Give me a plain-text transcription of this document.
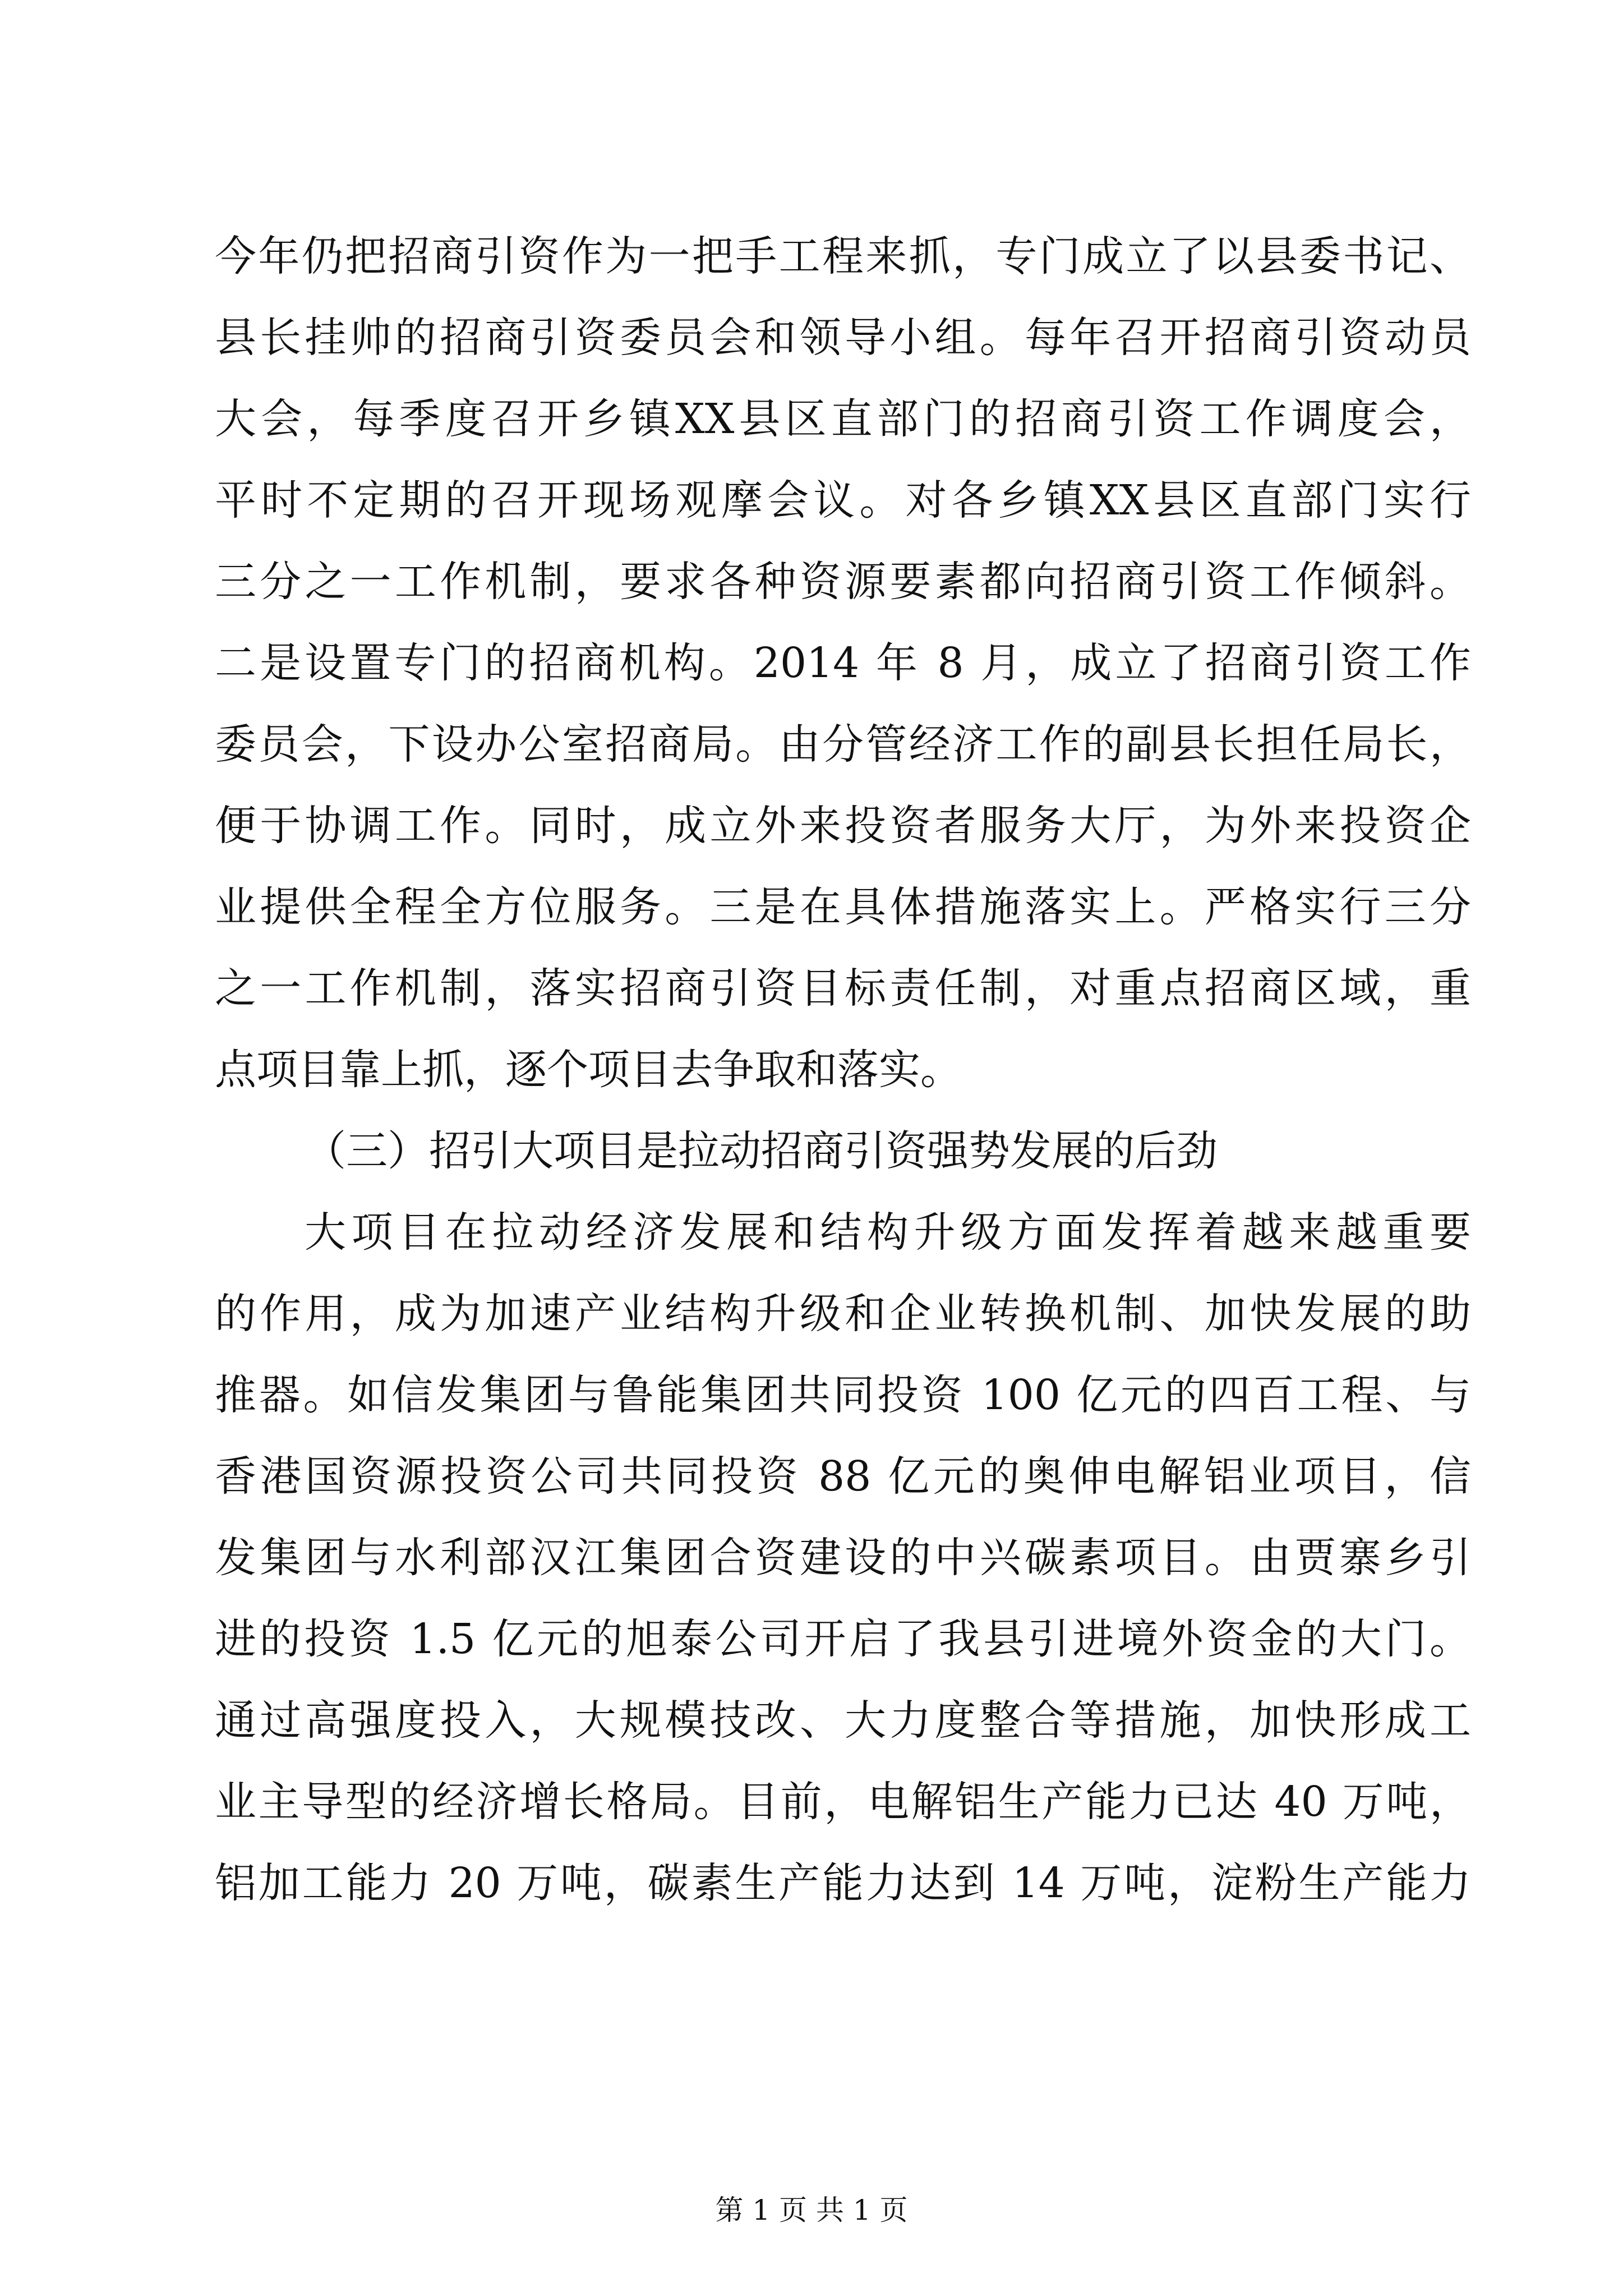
今年仍把招商引资作为一把手工程来抓，专门成立了以县委书记、
县长挂帅的招商引资委员会和领导小组。每年召开招商引资动员
大会，每季度召开乡镇XX县区直部门的招商引资工作调度会，
平时不定期的召开现场观摩会议。对各乡镇XX县区直部门实行
三分之一工作机制，要求各种资源要素都向招商引资工作倾斜。
二是设置专门的招商机构。2014 年 8 月，成立了招商引资工作
委员会，下设办公室招商局。由分管经济工作的副县长担任局长，
便于协调工作。同时，成立外来投资者服务大厅，为外来投资企
业提供全程全方位服务。三是在具体措施落实上。严格实行三分
之一工作机制，落实招商引资目标责任制，对重点招商区域，重
点项目靠上抓，逐个项目去争取和落实。
（三）招引大项目是拉动招商引资强势发展的后劲
大项目在拉动经济发展和结构升级方面发挥着越来越重要
的作用，成为加速产业结构升级和企业转换机制、加快发展的助
推器。如信发集团与鲁能集团共同投资 100 亿元的四百工程、与
香港国资源投资公司共同投资 88 亿元的奥伸电解铝业项目，信
发集团与水利部汉江集团合资建设的中兴碳素项目。由贾寨乡引
进的投资 1.5 亿元的旭泰公司开启了我县引进境外资金的大门。
通过高强度投入，大规模技改、大力度整合等措施，加快形成工
业主导型的经济增长格局。目前，电解铝生产能力已达 40 万吨，
铝加工能力 20 万吨，碳素生产能力达到 14 万吨，淀粉生产能力
第 1 页 共 1 页
